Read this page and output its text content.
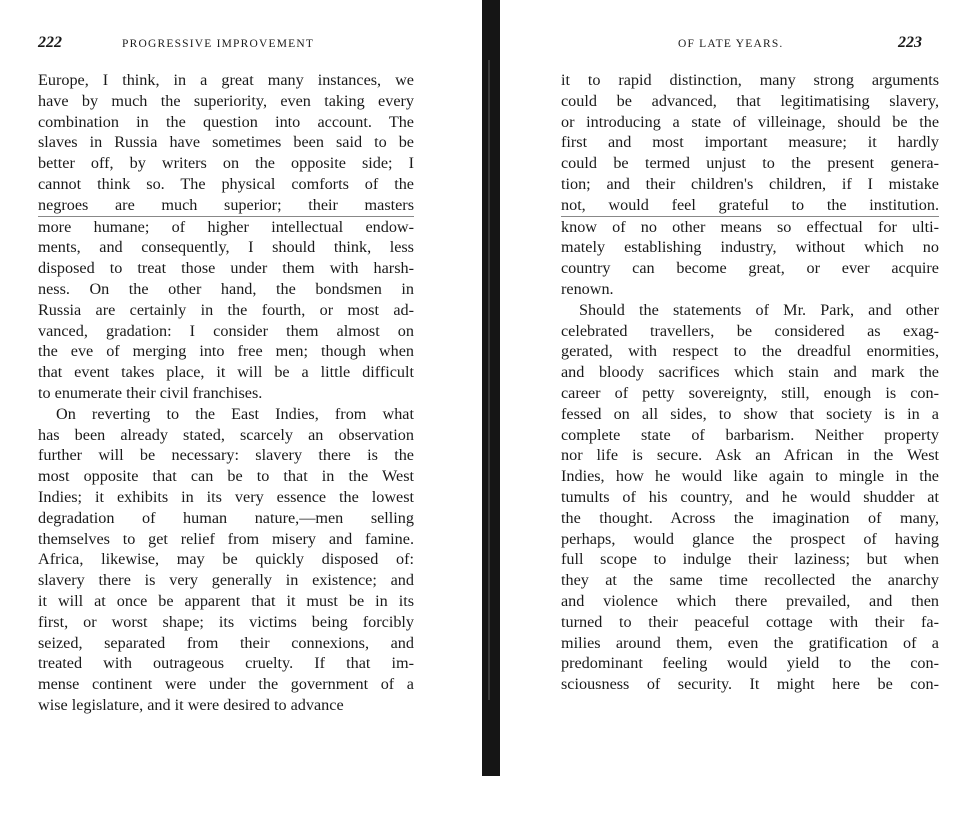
222	PROGRESSIVE IMPROVEMENT
Europe, I think, in a great many instances, we
have by much the superiority, even taking every
combination in the question into account. The
slaves in Russia have sometimes been said to be
better off, by writers on the opposite side; I
cannot think so. The physical comforts of the
negroes are much superior; their masters
more humane; of higher intellectual endow-
ments, and consequently, I should think, less
disposed to treat those under them with harsh-
ness. On the other hand, the bondsmen in
Russia are certainly in the fourth, or most ad-
vanced, gradation: I consider them almost on
the eve of merging into free men; though when
that event takes place, it will be a little difficult
to enumerate their civil franchises.
On reverting to the East Indies, from what
has been already stated, scarcely an observation
further will be necessary: slavery there is the
most opposite that can be to that in the West
Indies; it exhibits in its very essence the lowest
degradation of human nature,—men selling
themselves to get relief from misery and famine.
Africa, likewise, may be quickly disposed of:
slavery there is very generally in existence; and
it will at once be apparent that it must be in its
first, or worst shape; its victims being forcibly
seized, separated from their connexions, and
treated with outrageous cruelty. If that im-
mense continent were under the government of a
wise legislature, and it were desired to advance
OF LATE YEARS.	223
it to rapid distinction, many strong arguments
could be advanced, that legitimatising slavery,
or introducing a state of villeinage, should be the
first and most important measure; it hardly
could be termed unjust to the present genera-
tion; and their children's children, if I mistake
not, would feel grateful to the institution.
know of no other means so effectual for ulti-
mately establishing industry, without which no
country can become great, or ever acquire
renown.
Should the statements of Mr. Park, and other
celebrated travellers, be considered as exag-
gerated, with respect to the dreadful enormities,
and bloody sacrifices which stain and mark the
career of petty sovereignty, still, enough is con-
fessed on all sides, to show that society is in a
complete state of barbarism. Neither property
nor life is secure. Ask an African in the West
Indies, how he would like again to mingle in the
tumults of his country, and he would shudder at
the thought. Across the imagination of many,
perhaps, would glance the prospect of having
full scope to indulge their laziness; but when
they at the same time recollected the anarchy
and violence which there prevailed, and then
turned to their peaceful cottage with their fa-
milies around them, even the gratification of a
predominant feeling would yield to the con-
sciousness of security. It might here be con-
